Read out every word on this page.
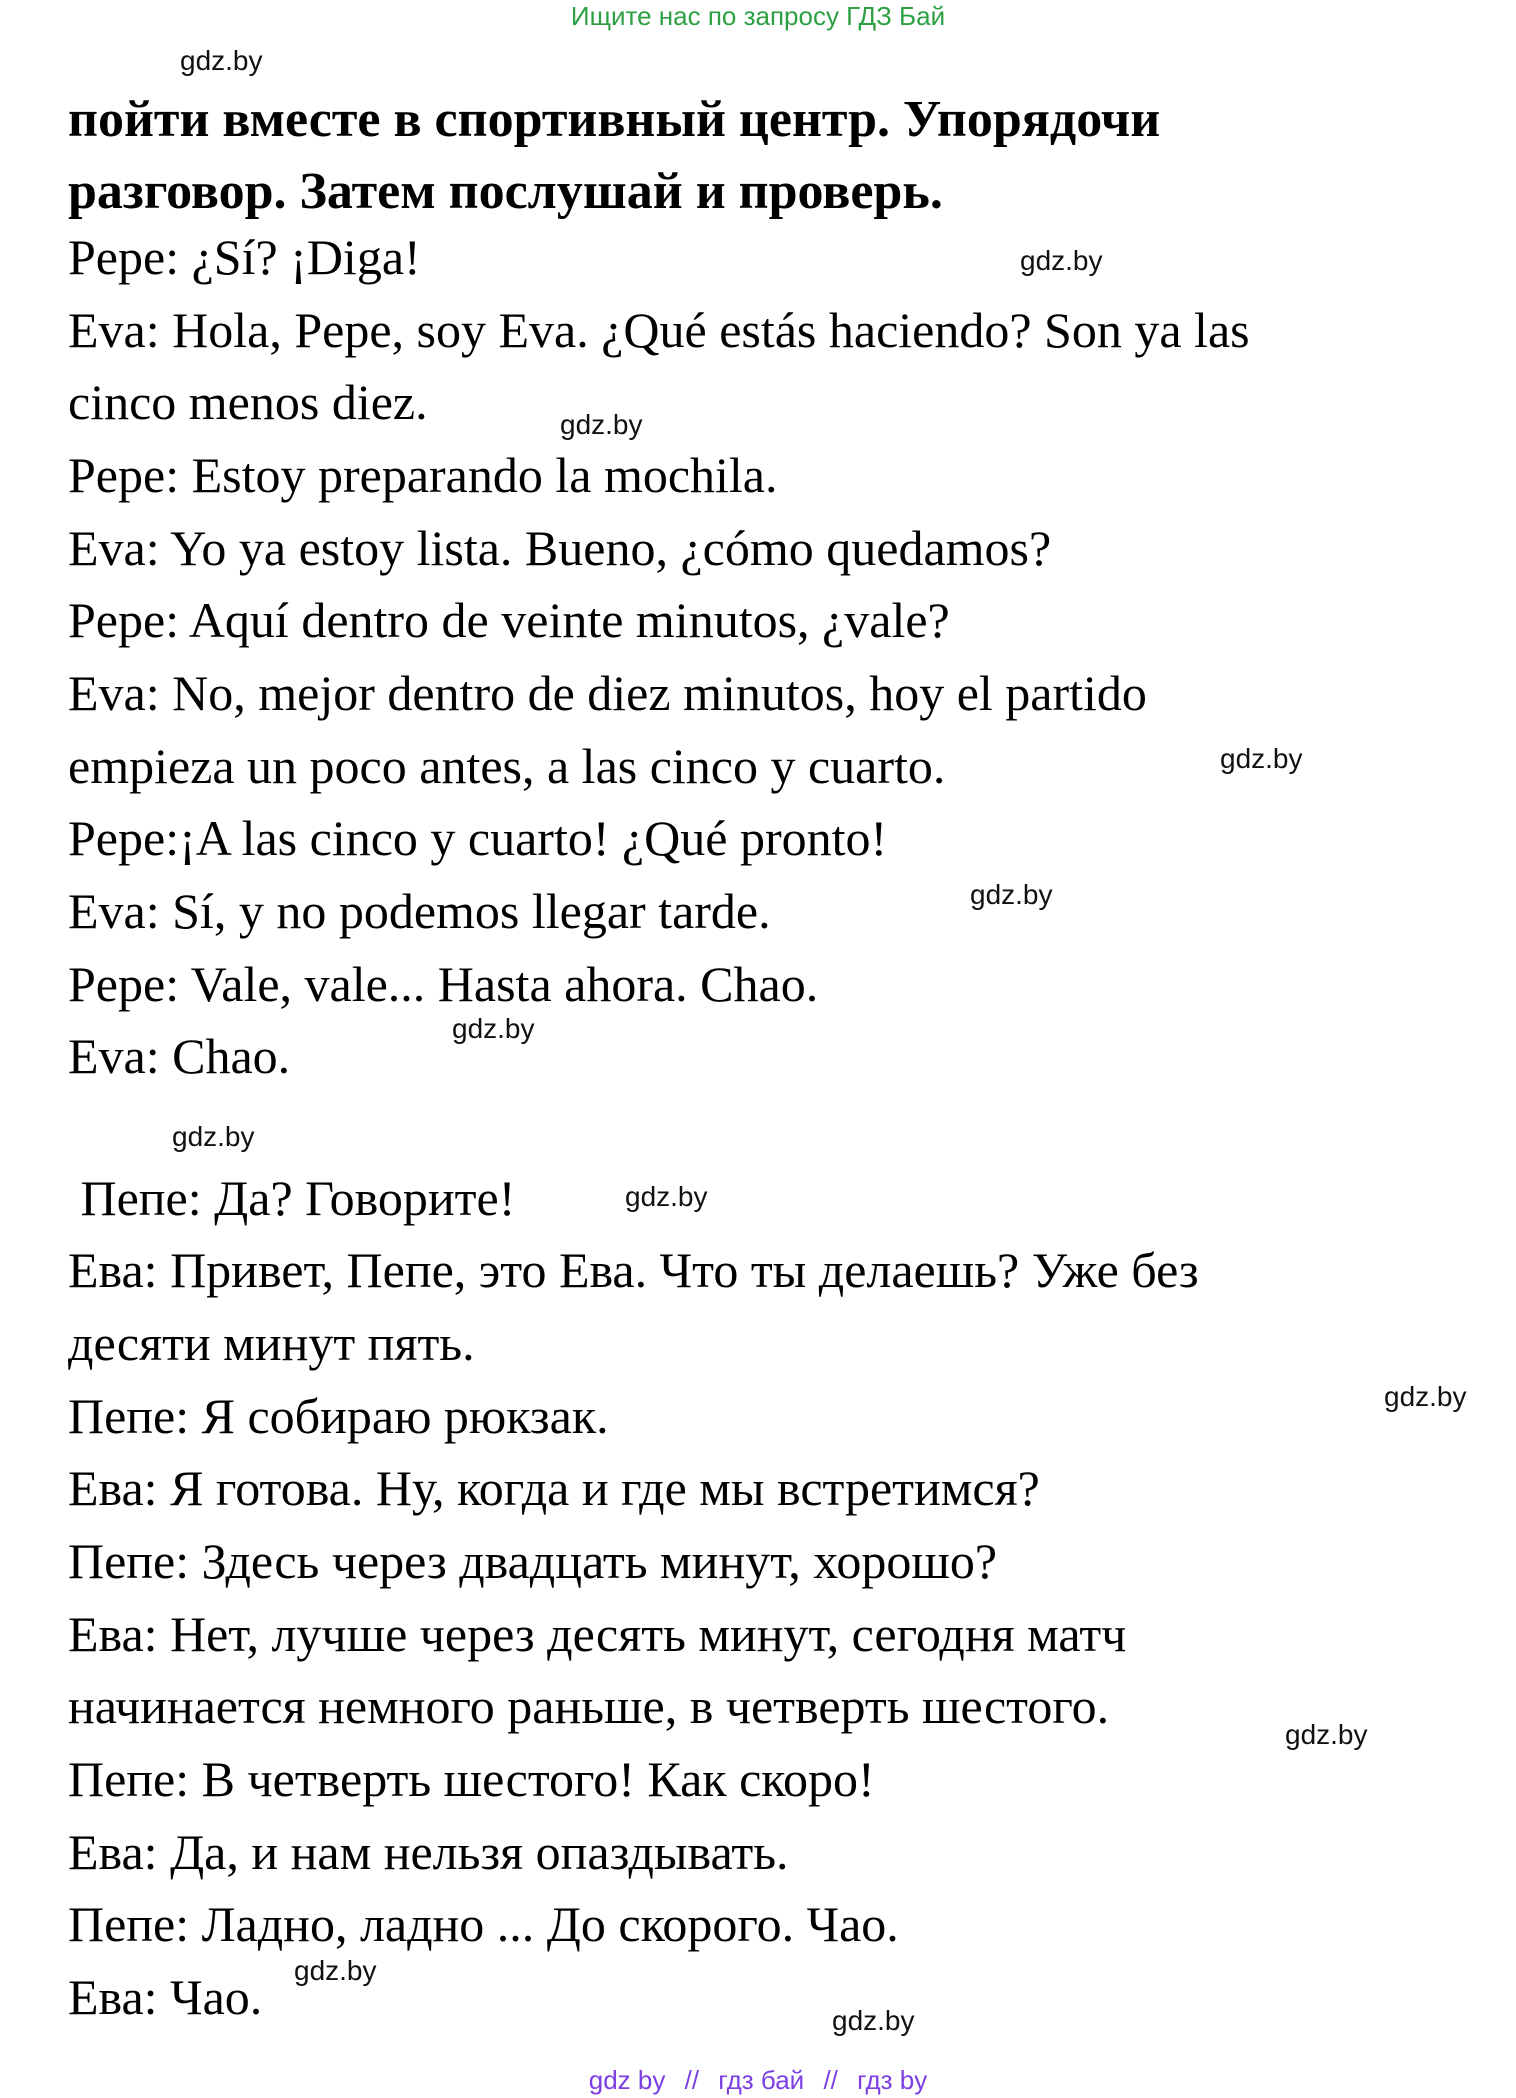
Ищите нас по запросу ГДЗ Бай
пойти вместе в спортивный центр. Упорядочи
разговор. Затем послушай и проверь.
Pepe: ¿Sí? ¡Diga!
Eva: Hola, Pepe, soy Eva. ¿Qué estás haciendo? Son ya las
cinco menos diez.
Pepe: Estoy preparando la mochila.
Eva: Yo ya estoy lista. Bueno, ¿cómo quedamos?
Pepe: Aquí dentro de veinte minutos, ¿vale?
Eva: No, mejor dentro de diez minutos, hoy el partido
empieza un poco antes, a las cinco y cuarto.
Pepe:¡A las cinco y cuarto! ¿Qué pronto!
Eva: Sí, y no podemos llegar tarde.
Pepe: Vale, vale... Hasta ahora. Chao.
Eva: Chao.
Пепе: Да? Говорите!
Ева: Привет, Пепе, это Ева. Что ты делаешь? Уже без
десяти минут пять.
Пепе: Я собираю рюкзак.
Ева: Я готова. Ну, когда и где мы встретимся?
Пепе: Здесь через двадцать минут, хорошо?
Ева: Нет, лучше через десять минут, сегодня матч
начинается немного раньше, в четверть шестого.
Пепе: В четверть шестого! Как скоро!
Ева: Да, и нам нельзя опаздывать.
Пепе: Ладно, ладно ... До скорого. Чао.
Ева: Чао.
gdz.by
gdz.by
gdz.by
gdz.by
gdz.by
gdz.by
gdz.by
gdz.by
gdz.by
gdz.by
gdz.by
gdz.by
gdz by // гдз бай // гдз by
